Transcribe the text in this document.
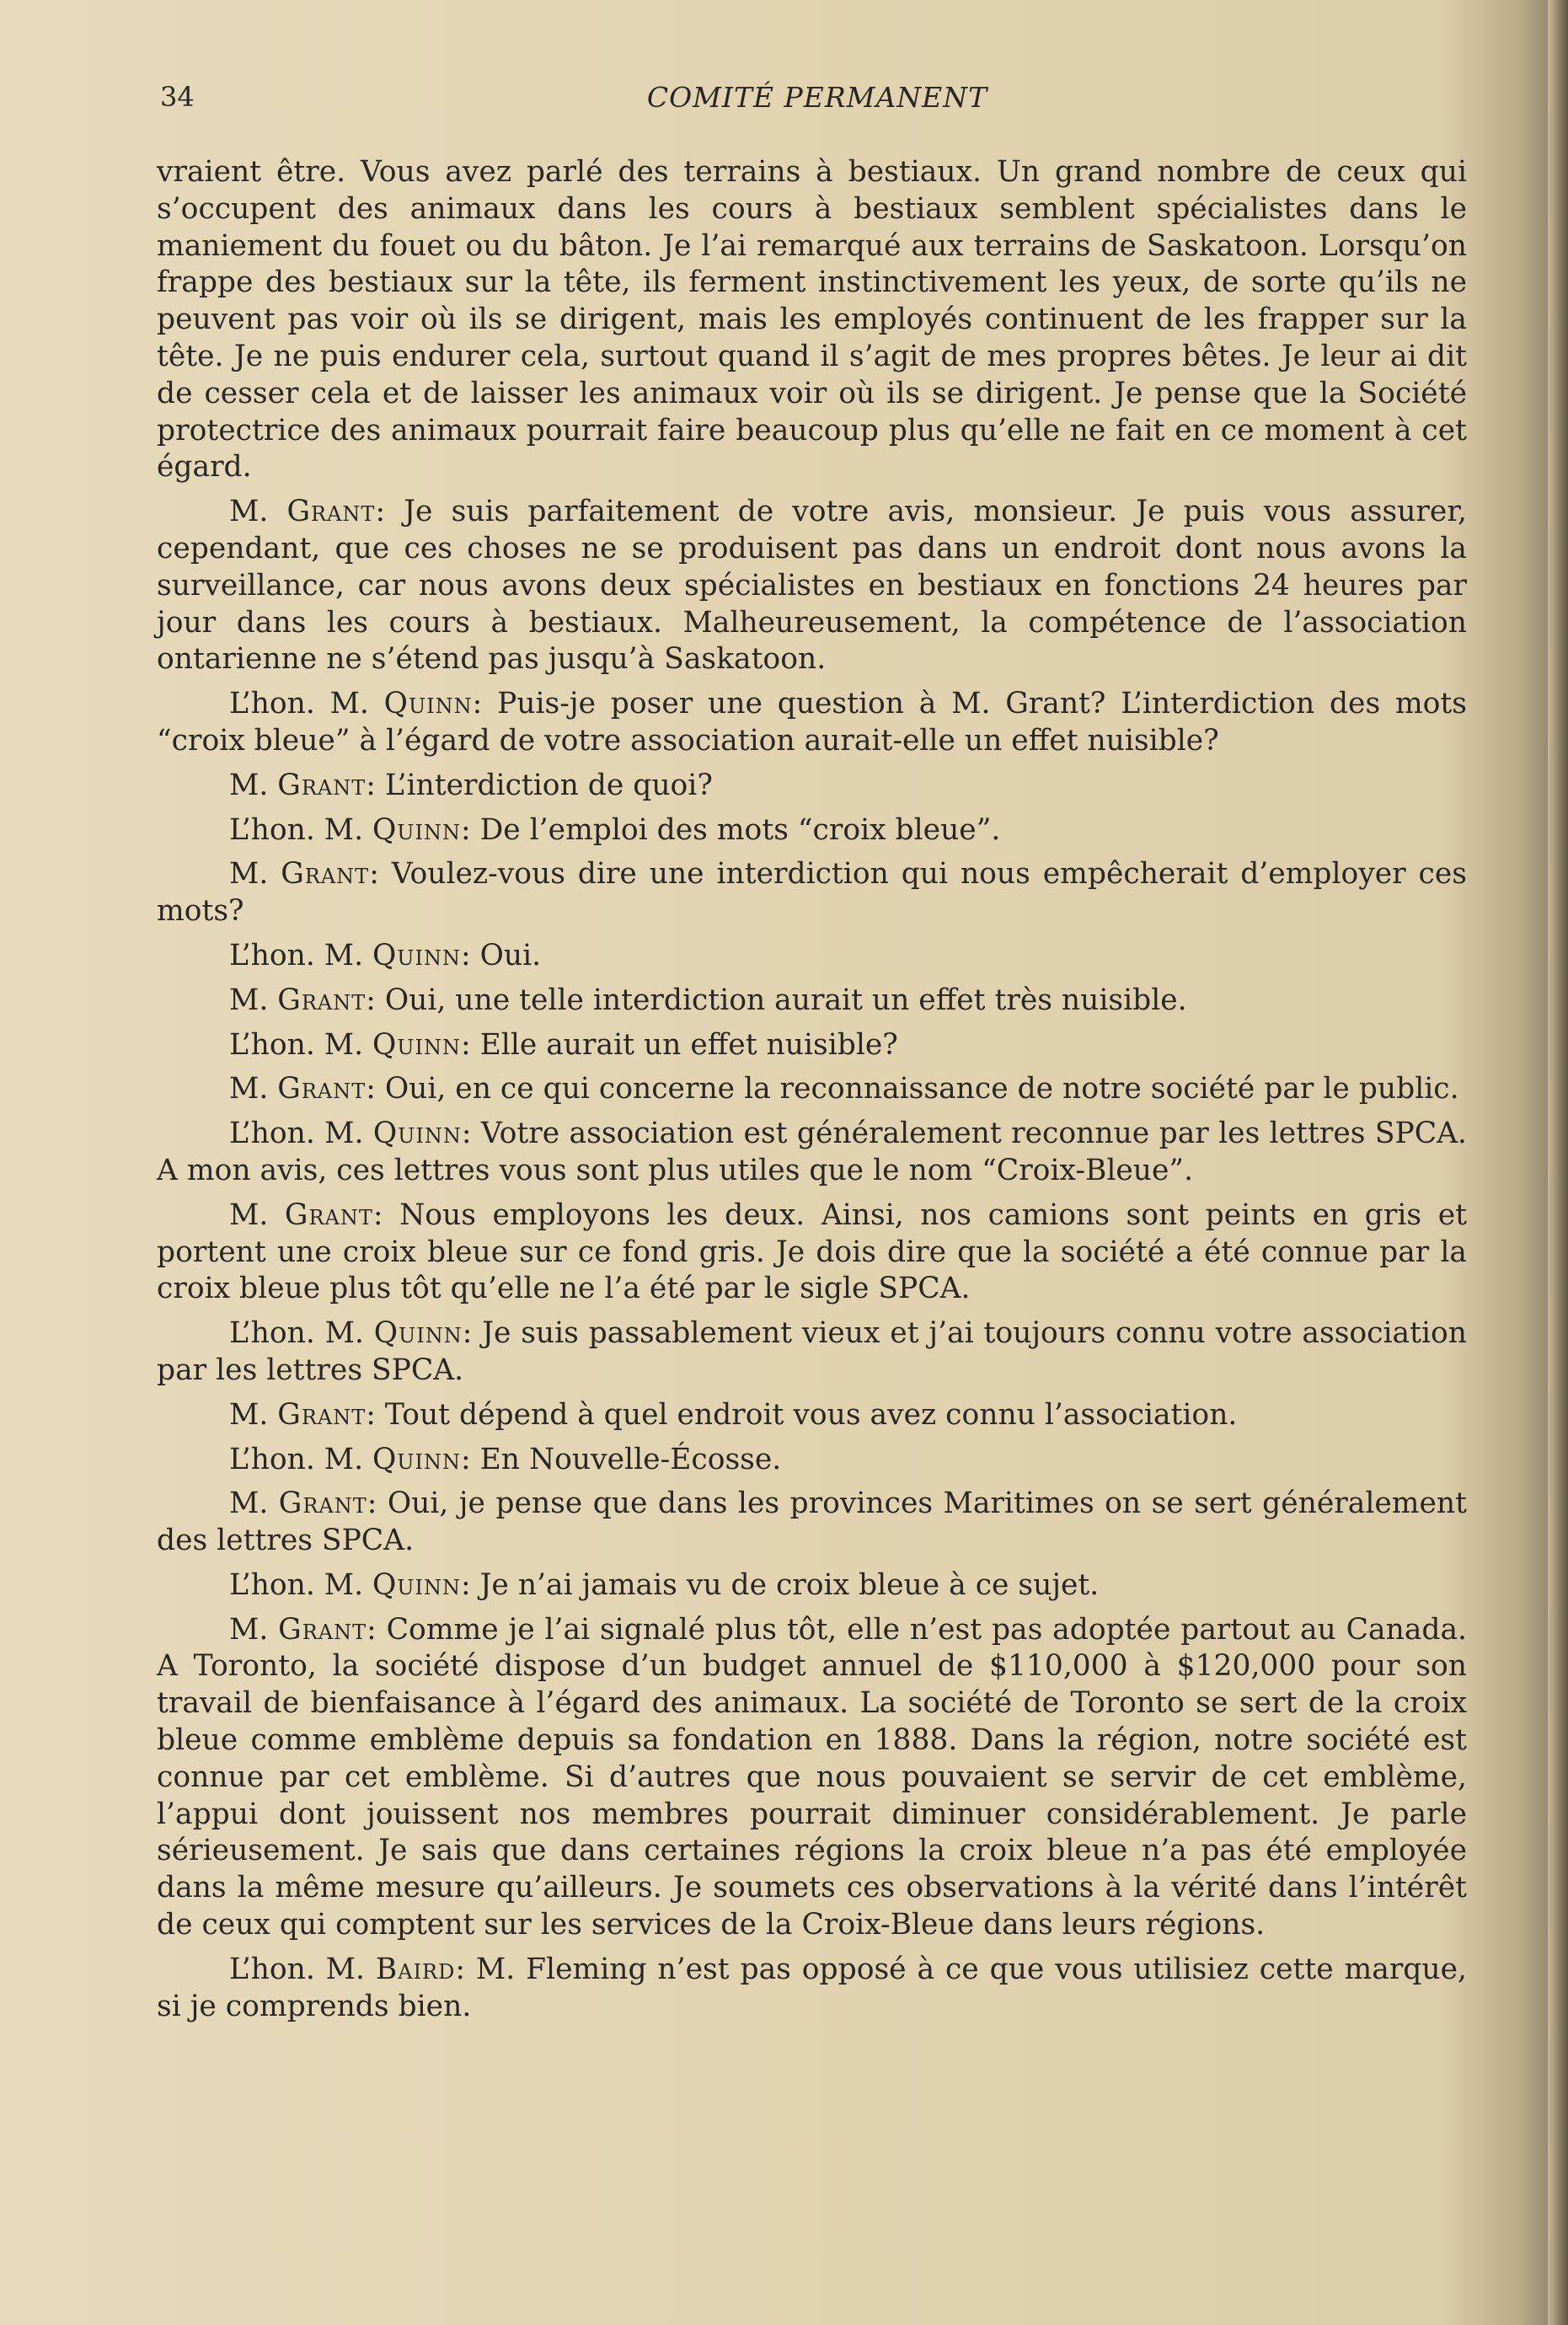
34	COMITÉ PERMANENT

vraient être. Vous avez parlé des terrains à bestiaux. Un grand nombre de ceux qui s’occupent des animaux dans les cours à bestiaux semblent spécialistes dans le maniement du fouet ou du bâton. Je l’ai remarqué aux terrains de Saskatoon. Lorsqu’on frappe des bestiaux sur la tête, ils ferment instinctivement les yeux, de sorte qu’ils ne peuvent pas voir où ils se dirigent, mais les employés continuent de les frapper sur la tête. Je ne puis endurer cela, surtout quand il s’agit de mes propres bêtes. Je leur ai dit de cesser cela et de laisser les animaux voir où ils se dirigent. Je pense que la Société protectrice des animaux pourrait faire beaucoup plus qu’elle ne fait en ce moment à cet égard.

M. Grant: Je suis parfaitement de votre avis, monsieur. Je puis vous assurer, cependant, que ces choses ne se produisent pas dans un endroit dont nous avons la surveillance, car nous avons deux spécialistes en bestiaux en fonctions 24 heures par jour dans les cours à bestiaux. Malheureusement, la compétence de l’association ontarienne ne s’étend pas jusqu’à Saskatoon.

L’hon. M. Quinn: Puis-je poser une question à M. Grant? L’interdiction des mots “croix bleue” à l’égard de votre association aurait-elle un effet nuisible?

M. Grant: L’interdiction de quoi?

L’hon. M. Quinn: De l’emploi des mots “croix bleue”.

M. Grant: Voulez-vous dire une interdiction qui nous empêcherait d’employer ces mots?

L’hon. M. Quinn: Oui.

M. Grant: Oui, une telle interdiction aurait un effet très nuisible.

L’hon. M. Quinn: Elle aurait un effet nuisible?

M. Grant: Oui, en ce qui concerne la reconnaissance de notre société par le public.

L’hon. M. Quinn: Votre association est généralement reconnue par les lettres SPCA. A mon avis, ces lettres vous sont plus utiles que le nom “Croix-Bleue”.

M. Grant: Nous employons les deux. Ainsi, nos camions sont peints en gris et portent une croix bleue sur ce fond gris. Je dois dire que la société a été connue par la croix bleue plus tôt qu’elle ne l’a été par le sigle SPCA.

L’hon. M. Quinn: Je suis passablement vieux et j’ai toujours connu votre association par les lettres SPCA.

M. Grant: Tout dépend à quel endroit vous avez connu l’association.

L’hon. M. Quinn: En Nouvelle-Écosse.

M. Grant: Oui, je pense que dans les provinces Maritimes on se sert généralement des lettres SPCA.

L’hon. M. Quinn: Je n’ai jamais vu de croix bleue à ce sujet.

M. Grant: Comme je l’ai signalé plus tôt, elle n’est pas adoptée partout au Canada. A Toronto, la société dispose d’un budget annuel de $110,000 à $120,000 pour son travail de bienfaisance à l’égard des animaux. La société de Toronto se sert de la croix bleue comme emblème depuis sa fondation en 1888. Dans la région, notre société est connue par cet emblème. Si d’autres que nous pouvaient se servir de cet emblème, l’appui dont jouissent nos membres pourrait diminuer considérablement. Je parle sérieusement. Je sais que dans certaines régions la croix bleue n’a pas été employée dans la même mesure qu’ailleurs. Je soumets ces observations à la vérité dans l’intérêt de ceux qui comptent sur les services de la Croix-Bleue dans leurs régions.

L’hon. M. Baird: M. Fleming n’est pas opposé à ce que vous utilisiez cette marque, si je comprends bien.
